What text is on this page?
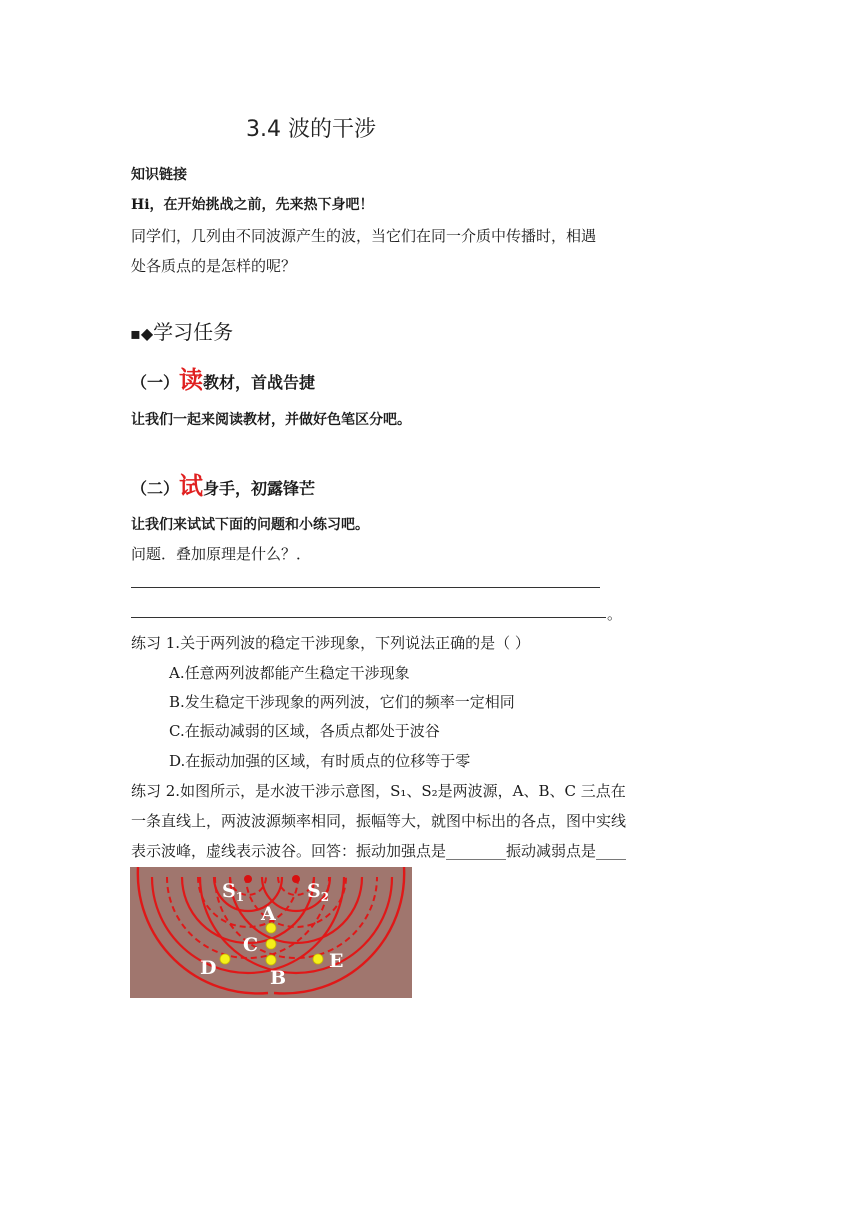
3.4 波的干涉
知识链接
Hi，在开始挑战之前，先来热下身吧！
同学们，几列由不同波源产生的波，当它们在同一介质中传播时，相遇
处各质点的是怎样的呢？
▪◆学习任务
（一）读教材，首战告捷
让我们一起来阅读教材，并做好色笔区分吧。
（二）试身手，初露锋芒
让我们来试试下面的问题和小练习吧。
问题．叠加原理是什么？．
。
练习 1.关于两列波的稳定干涉现象，下列说法正确的是（ ）
A.任意两列波都能产生稳定干涉现象
B.发生稳定干涉现象的两列波，它们的频率一定相同
C.在振动减弱的区域，各质点都处于波谷
D.在振动加强的区域，有时质点的位移等于零
练习 2.如图所示，是水波干涉示意图，S₁、S₂是两波源，A、B、C 三点在
一条直线上，两波波源频率相同，振幅等大，就图中标出的各点，图中实线
表示波峰，虚线表示波谷。回答：振动加强点是________振动减弱点是____
$S_1$	$S_2$
A
C
B
D	E
